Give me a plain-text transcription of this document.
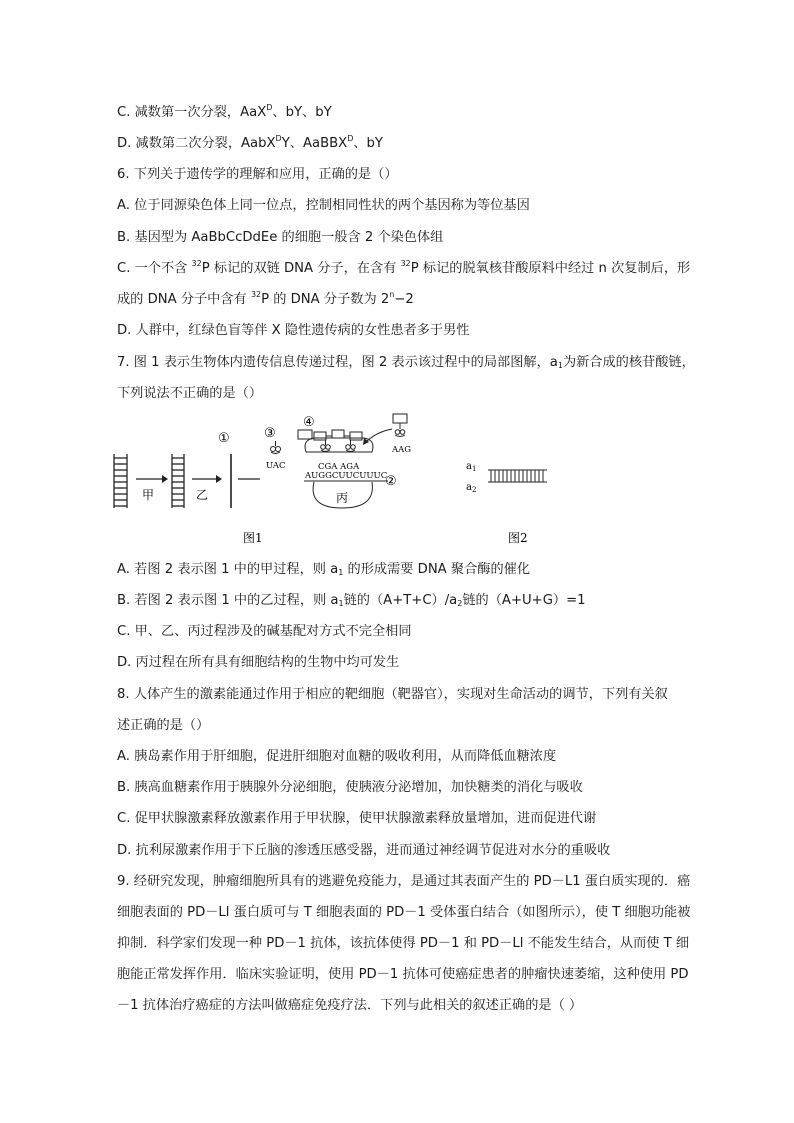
C. 减数第一次分裂，AaX$^D$、bY、bY
D. 减数第二次分裂，AabX$^D$Y、AaBBX$^D$、bY
6. 下列关于遗传学的理解和应用，正确的是（）
A. 位于同源染色体上同一位点，控制相同性状的两个基因称为等位基因
B. 基因型为 AaBbCcDdEe 的细胞一般含 2 个染色体组
C. 一个不含 $^{32}$P 标记的双链 DNA 分子，在含有 $^{32}$P 标记的脱氧核苷酸原料中经过 n 次复制后，形
成的 DNA 分子中含有 $^{32}$P 的 DNA 分子数为 $2^n-2$
D. 人群中，红绿色盲等伴 X 隐性遗传病的女性患者多于男性
7. 图 1 表示生物体内遗传信息传递过程，图 2 表示该过程中的局部图解，$a_1$为新合成的核苷酸链，
下列说法不正确的是（）
甲	乙
①	③
UAC
④
CGA AGA
AUGGCUUCUUUC
丙
②
AAG
图1
$a_1$
$a_2$
图2
A. 若图 2 表示图 1 中的甲过程，则 $a_1$ 的形成需要 DNA 聚合酶的催化
B. 若图 2 表示图 1 中的乙过程，则 $a_1$链的$(A+T+C)/a_2$链的（A+U+G）=1
C. 甲、乙、丙过程涉及的碱基配对方式不完全相同
D. 丙过程在所有具有细胞结构的生物中均可发生
8. 人体产生的激素能通过作用于相应的靶细胞（靶器官），实现对生命活动的调节，下列有关叙
述正确的是（）
A. 胰岛素作用于肝细胞，促进肝细胞对血糖的吸收利用，从而降低血糖浓度
B. 胰高血糖素作用于胰腺外分泌细胞，使胰液分泌增加，加快糖类的消化与吸收
C. 促甲状腺激素释放激素作用于甲状腺，使甲状腺激素释放量增加，进而促进代谢
D. 抗利尿激素作用于下丘脑的渗透压感受器，进而通过神经调节促进对水分的重吸收
9. 经研究发现，肿瘤细胞所具有的逃避免疫能力，是通过其表面产生的 PD－L1 蛋白质实现的．癌
细胞表面的 PD－Ll 蛋白质可与 T 细胞表面的 PD－1 受体蛋白结合（如图所示），使 T 细胞功能被
抑制．科学家们发现一种 PD－1 抗体，该抗体使得 PD－1 和 PD－Ll 不能发生结合，从而使 T 细
胞能正常发挥作用．临床实验证明，使用 PD－1 抗体可使癌症患者的肿瘤快速萎缩，这种使用 PD
－1 抗体治疗癌症的方法叫做癌症免疫疗法．下列与此相关的叙述正确的是（ ）
